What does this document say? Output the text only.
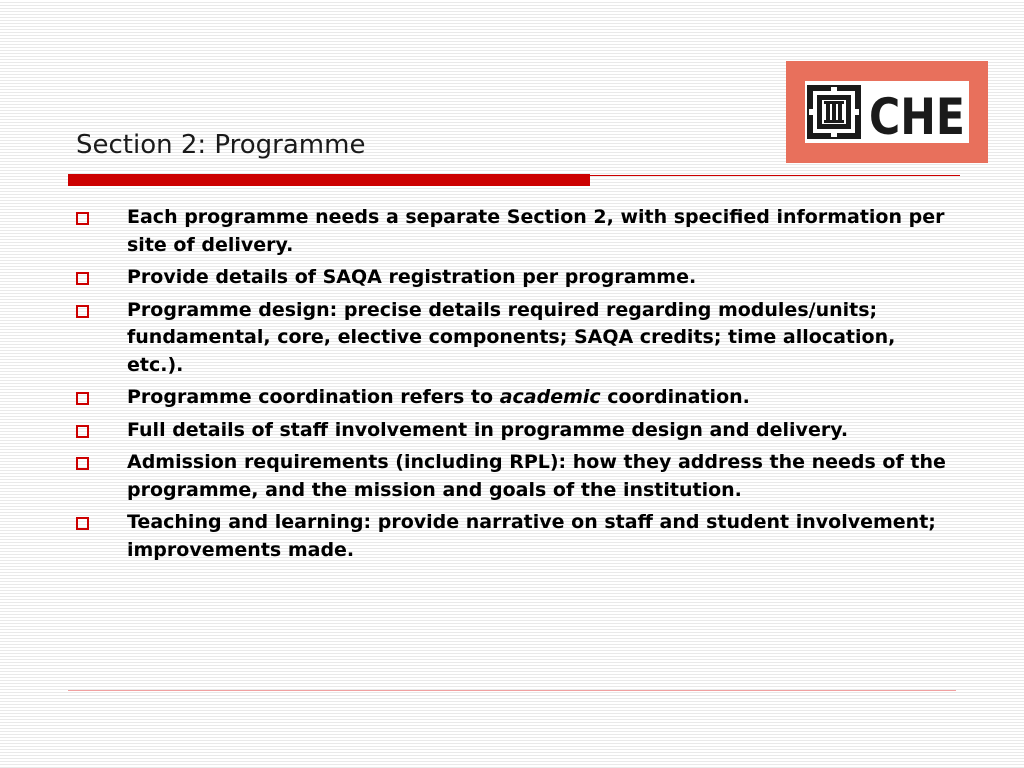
Section 2: Programme	CHE
Each programme needs a separate Section 2, with specified information per site of delivery.
Provide details of SAQA registration per programme.
Programme design: precise details required regarding modules/units; fundamental, core, elective components; SAQA credits; time allocation, etc.).
Programme coordination refers to academic coordination.
Full details of staff involvement in programme design and delivery.
Admission requirements (including RPL): how they address the needs of the programme, and the mission and goals of the institution.
Teaching and learning: provide narrative on staff and student involvement; improvements made.
